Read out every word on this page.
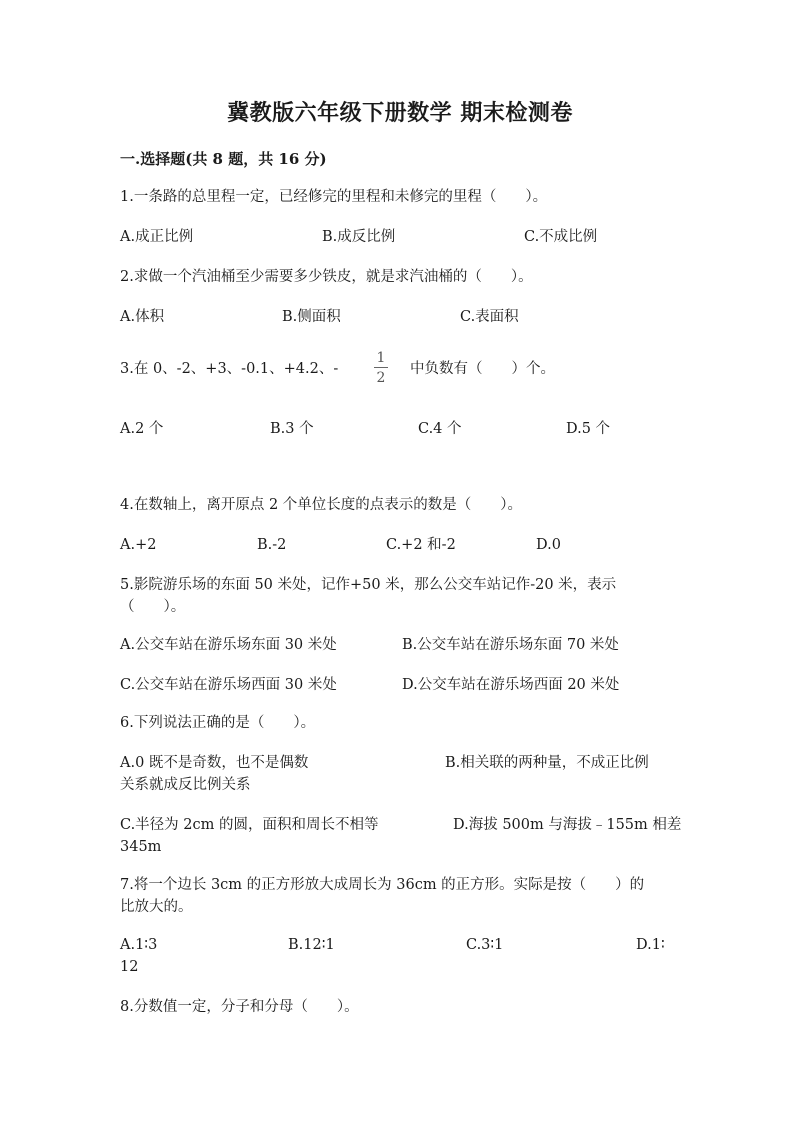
冀教版六年级下册数学 期末检测卷
一.选择题(共 8 题，共 16 分)
1.一条路的总里程一定，已经修完的里程和未修完的里程（　　）。
A.成正比例	B.成反比例	C.不成比例
2.求做一个汽油桶至少需要多少铁皮，就是求汽油桶的（　　）。
A.体积	B.侧面积	C.表面积
3.在 0、-2、+3、-0.1、+4.2、-
1
2
中负数有（　　）个。
A.2 个	B.3 个	C.4 个	D.5 个
4.在数轴上，离开原点 2 个单位长度的点表示的数是（　　）。
A.+2	B.-2	C.+2 和-2	D.0
5.影院游乐场的东面 50 米处，记作+50 米，那么公交车站记作-20 米，表示
（　　）。
A.公交车站在游乐场东面 30 米处	B.公交车站在游乐场东面 70 米处
C.公交车站在游乐场西面 30 米处	D.公交车站在游乐场西面 20 米处
6.下列说法正确的是（　　）。
A.0 既不是奇数，也不是偶数	B.相关联的两种量，不成正比例
关系就成反比例关系
C.半径为 2cm 的圆，面积和周长不相等	D.海拔 500m 与海拔﹣155m 相差
345m
7.将一个边长 3cm 的正方形放大成周长为 36cm 的正方形。实际是按（　　）的
比放大的。
A.1∶3	B.12∶1	C.3∶1	D.1∶
12
8.分数值一定，分子和分母（　　）。
